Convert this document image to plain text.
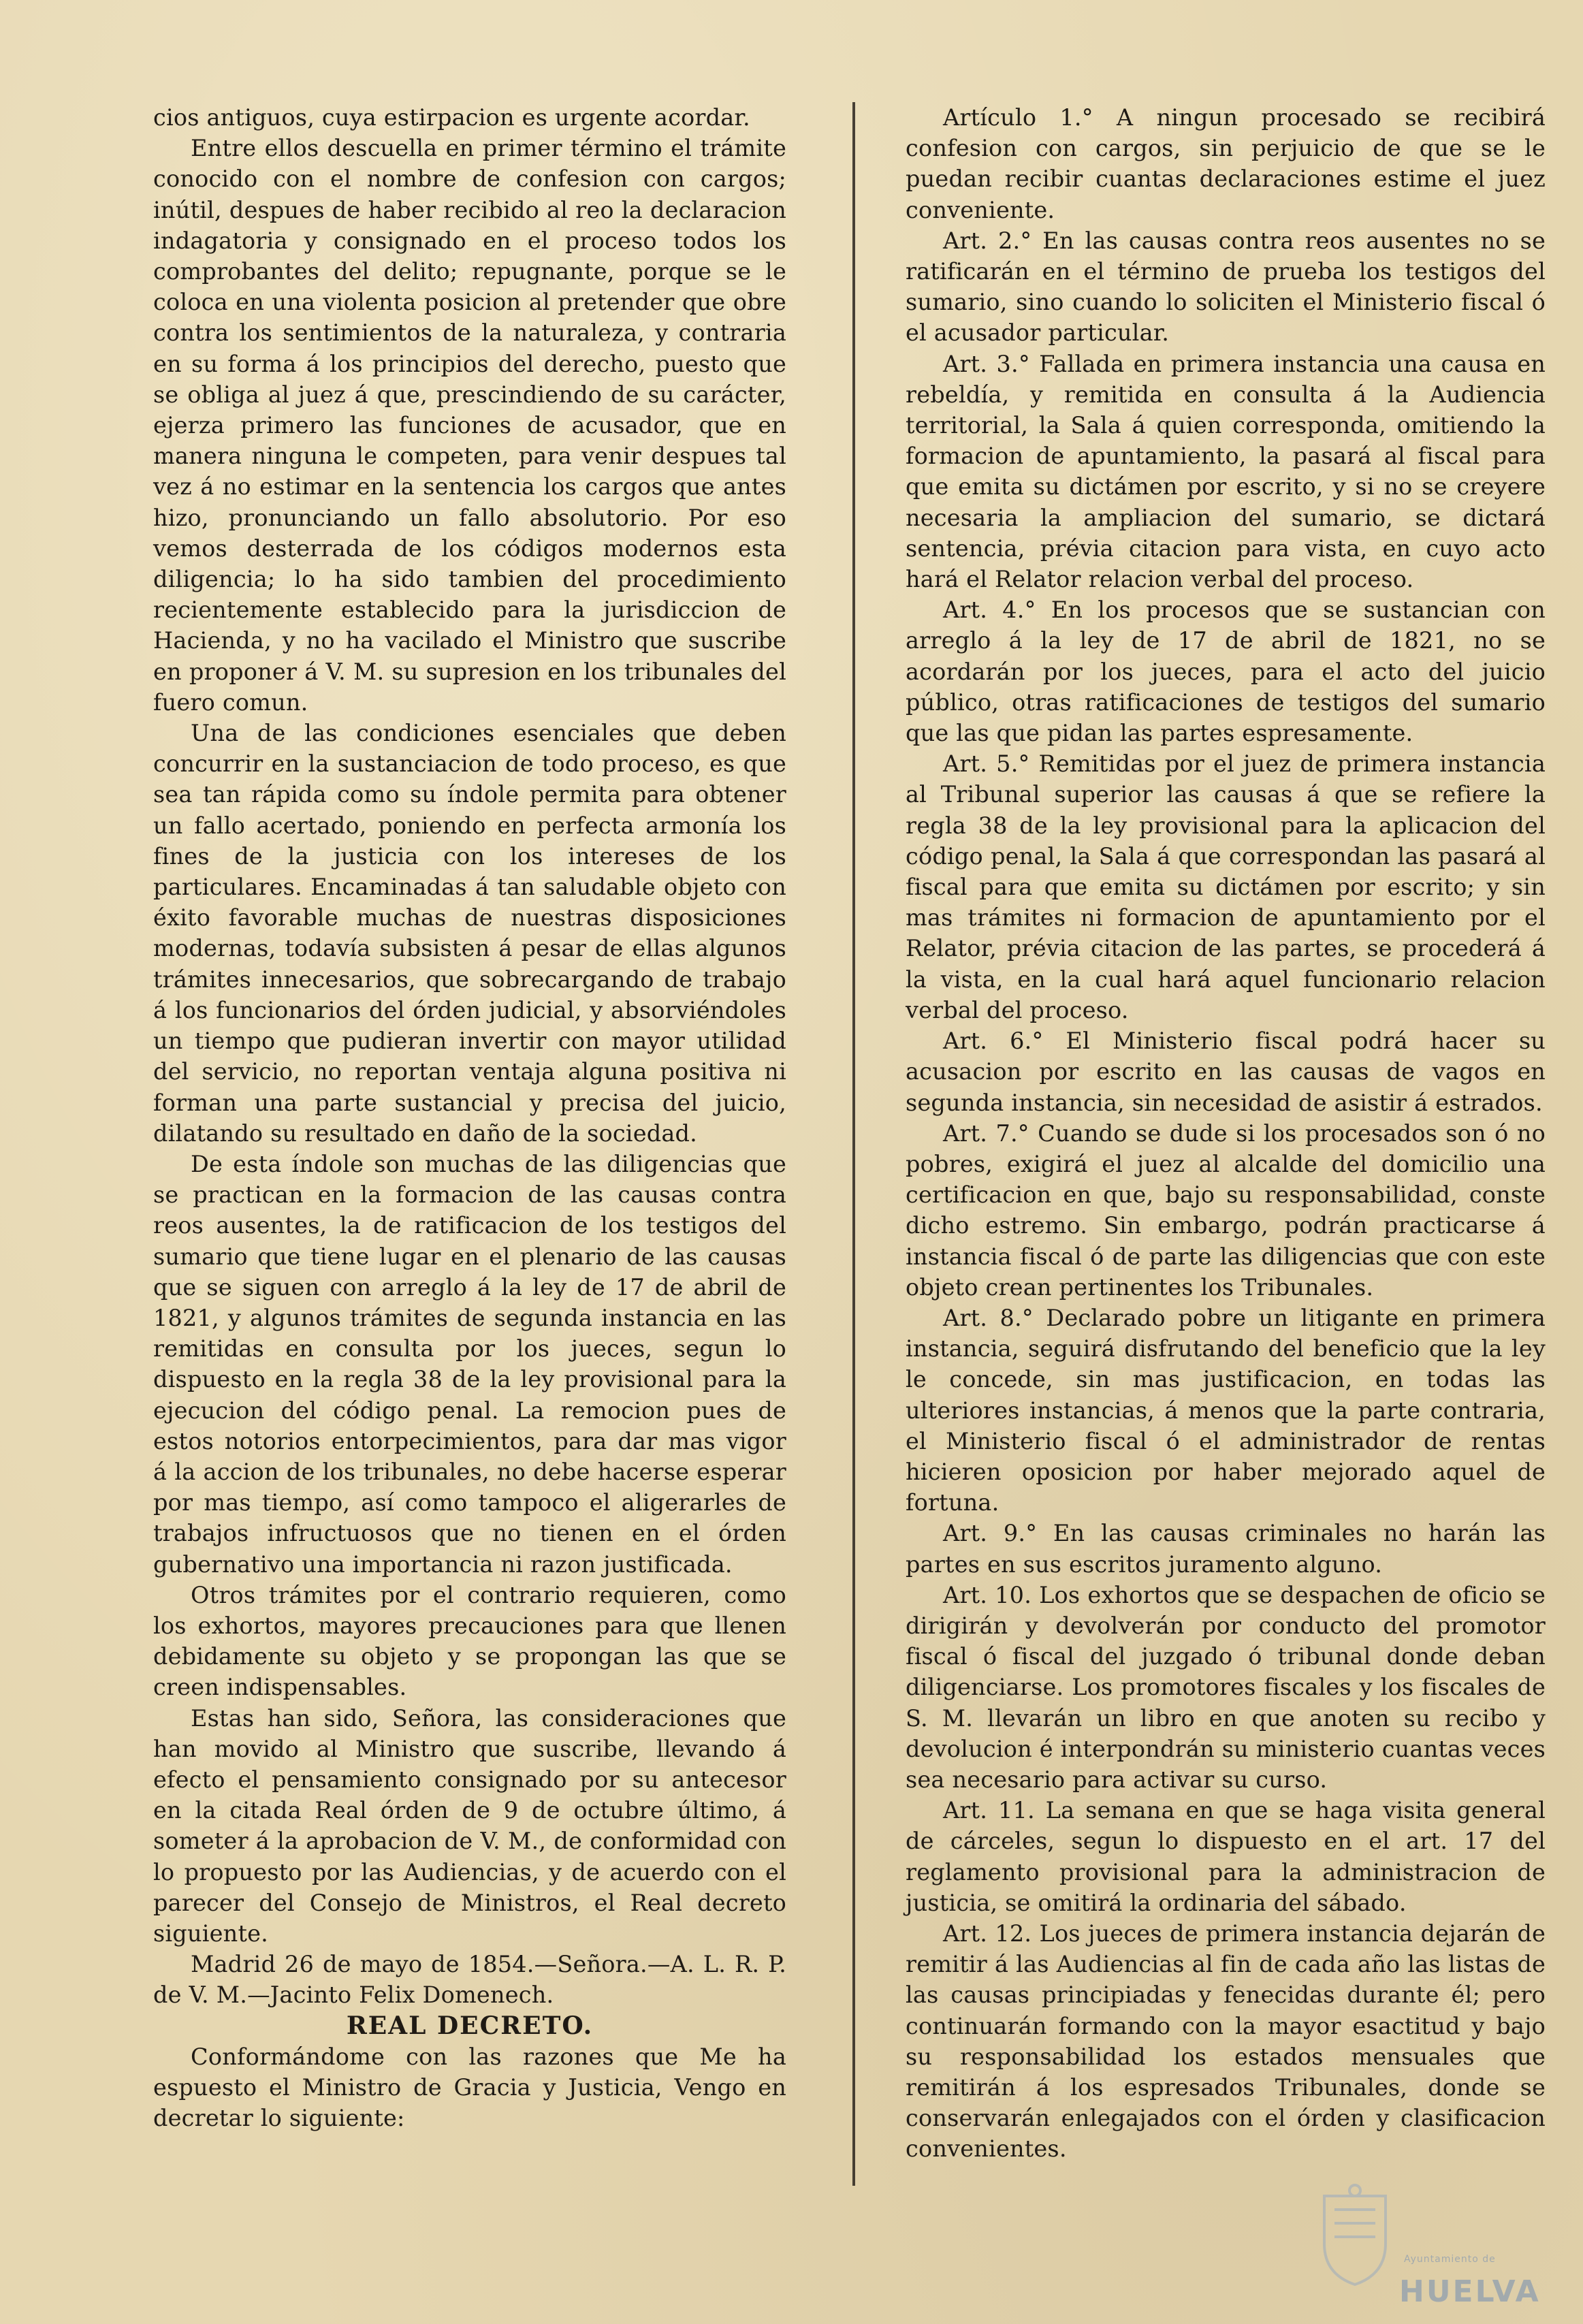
cios antiguos, cuya estirpacion es urgente acordar.

Entre ellos descuella en primer término el trámite conocido con el nombre de confesion con cargos; inútil, despues de haber recibido al reo la declaracion indagatoria y consignado en el proceso todos los comprobantes del delito; repugnante, porque se le coloca en una violenta posicion al pretender que obre contra los sentimientos de la naturaleza, y contraria en su forma á los principios del derecho, puesto que se obliga al juez á que, prescindiendo de su carácter, ejerza primero las funciones de acusador, que en manera ninguna le competen, para venir despues tal vez á no estimar en la sentencia los cargos que antes hizo, pronunciando un fallo absolutorio. Por eso vemos desterrada de los códigos modernos esta diligencia; lo ha sido tambien del procedimiento recientemente establecido para la jurisdiccion de Hacienda, y no ha vacilado el Ministro que suscribe en proponer á V. M. su supresion en los tribunales del fuero comun.

Una de las condiciones esenciales que deben concurrir en la sustanciacion de todo proceso, es que sea tan rápida como su índole permita para obtener un fallo acertado, poniendo en perfecta armonía los fines de la justicia con los intereses de los particulares. Encaminadas á tan saludable objeto con éxito favorable muchas de nuestras disposiciones modernas, todavía subsisten á pesar de ellas algunos trámites innecesarios, que sobrecargando de trabajo á los funcionarios del órden judicial, y absorviéndoles un tiempo que pudieran invertir con mayor utilidad del servicio, no reportan ventaja alguna positiva ni forman una parte sustancial y precisa del juicio, dilatando su resultado en daño de la sociedad.

De esta índole son muchas de las diligencias que se practican en la formacion de las causas contra reos ausentes, la de ratificacion de los testigos del sumario que tiene lugar en el plenario de las causas que se siguen con arreglo á la ley de 17 de abril de 1821, y algunos trámites de segunda instancia en las remitidas en consulta por los jueces, segun lo dispuesto en la regla 38 de la ley provisional para la ejecucion del código penal. La remocion pues de estos notorios entorpecimientos, para dar mas vigor á la accion de los tribunales, no debe hacerse esperar por mas tiempo, así como tampoco el aligerarles de trabajos infructuosos que no tienen en el órden gubernativo una importancia ni razon justificada.

Otros trámites por el contrario requieren, como los exhortos, mayores precauciones para que llenen debidamente su objeto y se propongan las que se creen indispensables.

Estas han sido, Señora, las consideraciones que han movido al Ministro que suscribe, llevando á efecto el pensamiento consignado por su antecesor en la citada Real órden de 9 de octubre último, á someter á la aprobacion de V. M., de conformidad con lo propuesto por las Audiencias, y de acuerdo con el parecer del Consejo de Ministros, el Real decreto siguiente.

Madrid 26 de mayo de 1854.—Señora.—A. L. R. P. de V. M.—Jacinto Felix Domenech.

REAL DECRETO.

Conformándome con las razones que Me ha espuesto el Ministro de Gracia y Justicia, Vengo en decretar lo siguiente:

Artículo 1.° A ningun procesado se recibirá confesion con cargos, sin perjuicio de que se le puedan recibir cuantas declaraciones estime el juez conveniente.

Art. 2.° En las causas contra reos ausentes no se ratificarán en el término de prueba los testigos del sumario, sino cuando lo soliciten el Ministerio fiscal ó el acusador particular.

Art. 3.° Fallada en primera instancia una causa en rebeldía, y remitida en consulta á la Audiencia territorial, la Sala á quien corresponda, omitiendo la formacion de apuntamiento, la pasará al fiscal para que emita su dictámen por escrito, y si no se creyere necesaria la ampliacion del sumario, se dictará sentencia, prévia citacion para vista, en cuyo acto hará el Relator relacion verbal del proceso.

Art. 4.° En los procesos que se sustancian con arreglo á la ley de 17 de abril de 1821, no se acordarán por los jueces, para el acto del juicio público, otras ratificaciones de testigos del sumario que las que pidan las partes espresamente.

Art. 5.° Remitidas por el juez de primera instancia al Tribunal superior las causas á que se refiere la regla 38 de la ley provisional para la aplicacion del código penal, la Sala á que correspondan las pasará al fiscal para que emita su dictámen por escrito; y sin mas trámites ni formacion de apuntamiento por el Relator, prévia citacion de las partes, se procederá á la vista, en la cual hará aquel funcionario relacion verbal del proceso.

Art. 6.° El Ministerio fiscal podrá hacer su acusacion por escrito en las causas de vagos en segunda instancia, sin necesidad de asistir á estrados.

Art. 7.° Cuando se dude si los procesados son ó no pobres, exigirá el juez al alcalde del domicilio una certificacion en que, bajo su responsabilidad, conste dicho estremo. Sin embargo, podrán practicarse á instancia fiscal ó de parte las diligencias que con este objeto crean pertinentes los Tribunales.

Art. 8.° Declarado pobre un litigante en primera instancia, seguirá disfrutando del beneficio que la ley le concede, sin mas justificacion, en todas las ulteriores instancias, á menos que la parte contraria, el Ministerio fiscal ó el administrador de rentas hicieren oposicion por haber mejorado aquel de fortuna.

Art. 9.° En las causas criminales no harán las partes en sus escritos juramento alguno.

Art. 10. Los exhortos que se despachen de oficio se dirigirán y devolverán por conducto del promotor fiscal ó fiscal del juzgado ó tribunal donde deban diligenciarse. Los promotores fiscales y los fiscales de S. M. llevarán un libro en que anoten su recibo y devolucion é interpondrán su ministerio cuantas veces sea necesario para activar su curso.

Art. 11. La semana en que se haga visita general de cárceles, segun lo dispuesto en el art. 17 del reglamento provisional para la administracion de justicia, se omitirá la ordinaria del sábado.

Art. 12. Los jueces de primera instancia dejarán de remitir á las Audiencias al fin de cada año las listas de las causas principiadas y fenecidas durante él; pero continuarán formando con la mayor esactitud y bajo su responsabilidad los estados mensuales que remitirán á los espresados Tribunales, donde se conservarán enlegajados con el órden y clasificacion convenientes.

Ayuntamiento de
HUELVA
